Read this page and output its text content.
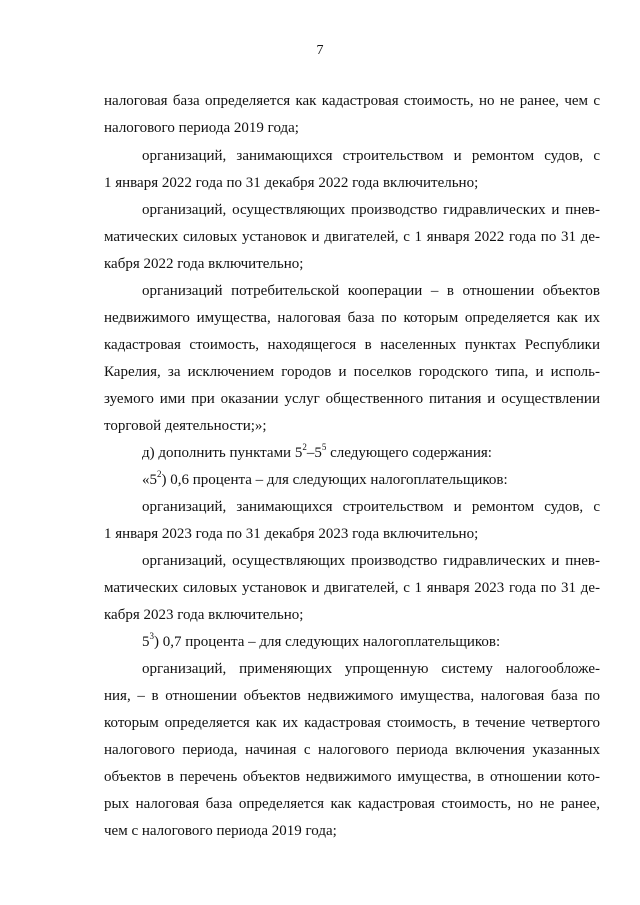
7
налоговая база определяется как кадастровая стоимость, но не ранее, чем с
налогового периода 2019 года;
организаций, занимающихся строительством и ремонтом судов, с
1 января 2022 года по 31 декабря 2022 года включительно;
организаций, осуществляющих производство гидравлических и пнев-
матических силовых установок и двигателей, с 1 января 2022 года по 31 де-
кабря 2022 года включительно;
организаций потребительской кооперации – в отношении объектов
недвижимого имущества, налоговая база по которым определяется как их
кадастровая стоимость, находящегося в населенных пунктах Республики
Карелия, за исключением городов и поселков городского типа, и исполь-
зуемого ими при оказании услуг общественного питания и осуществлении
торговой деятельности;»;
д) дополнить пунктами $5^2-5^5$ следующего содержания:
«$5^2$) 0,6 процента – для следующих налогоплательщиков:
организаций, занимающихся строительством и ремонтом судов, с
1 января 2023 года по 31 декабря 2023 года включительно;
организаций, осуществляющих производство гидравлических и пнев-
матических силовых установок и двигателей, с 1 января 2023 года по 31 де-
кабря 2023 года включительно;
$5^3$) 0,7 процента – для следующих налогоплательщиков:
организаций, применяющих упрощенную систему налогообложе-
ния, – в отношении объектов недвижимого имущества, налоговая база по
которым определяется как их кадастровая стоимость, в течение четвертого
налогового периода, начиная с налогового периода включения указанных
объектов в перечень объектов недвижимого имущества, в отношении кото-
рых налоговая база определяется как кадастровая стоимость, но не ранее,
чем с налогового периода 2019 года;
